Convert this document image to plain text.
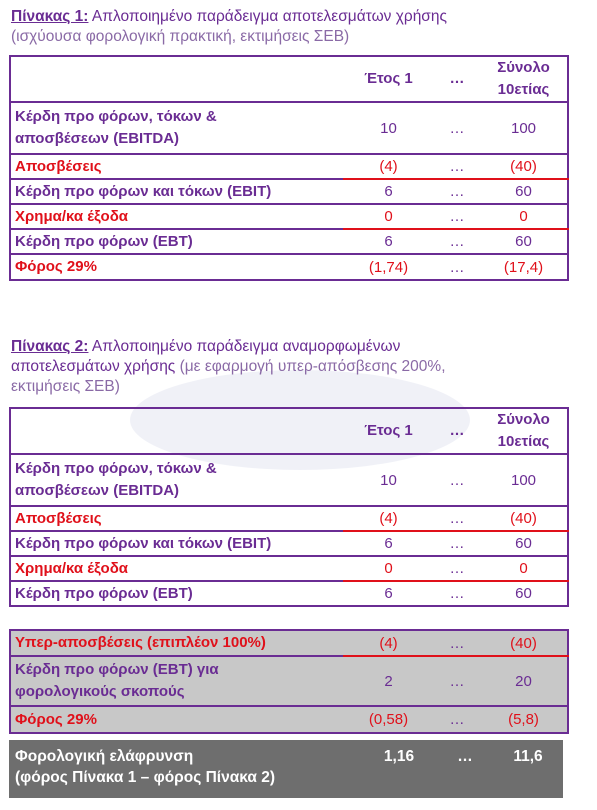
Πίνακας 1: Απλοποιημένο παράδειγμα αποτελεσμάτων χρήσης
(ισχύουσα φορολογική πρακτική, εκτιμήσεις ΣΕΒ)
	Έτος 1	…	Σύνολο
10ετίας
Κέρδη προ φόρων, τόκων &
αποσβέσεων (EBITDA)	10	…	100
Αποσβέσεις	(4)	…	(40)
Κέρδη προ φόρων και τόκων (EBIT)	6	…	60
Χρημα/κα έξοδα	0	…	0
Κέρδη προ φόρων (EBT)	6	…	60
Φόρος 29%	(1,74)	…	(17,4)
Πίνακας 2: Απλοποιημένο παράδειγμα αναμορφωμένων
αποτελεσμάτων χρήσης (με εφαρμογή υπερ-απόσβεσης 200%,
εκτιμήσεις ΣΕΒ)
	Έτος 1	…	Σύνολο
10ετίας
Κέρδη προ φόρων, τόκων &
αποσβέσεων (EBITDA)	10	…	100
Αποσβέσεις	(4)	…	(40)
Κέρδη προ φόρων και τόκων (EBIT)	6	…	60
Χρημα/κα έξοδα	0	…	0
Κέρδη προ φόρων (EBT)	6	…	60
Υπερ-αποσβέσεις (επιπλέον 100%)	(4)	…	(40)
Κέρδη προ φόρων (EBT) για
φορολογικούς σκοπούς	2	…	20
Φόρος 29%	(0,58)	…	(5,8)
Φορολογική ελάφρυνση
(φόρος Πίνακα 1 – φόρος Πίνακα 2)
1,16	…	11,6
